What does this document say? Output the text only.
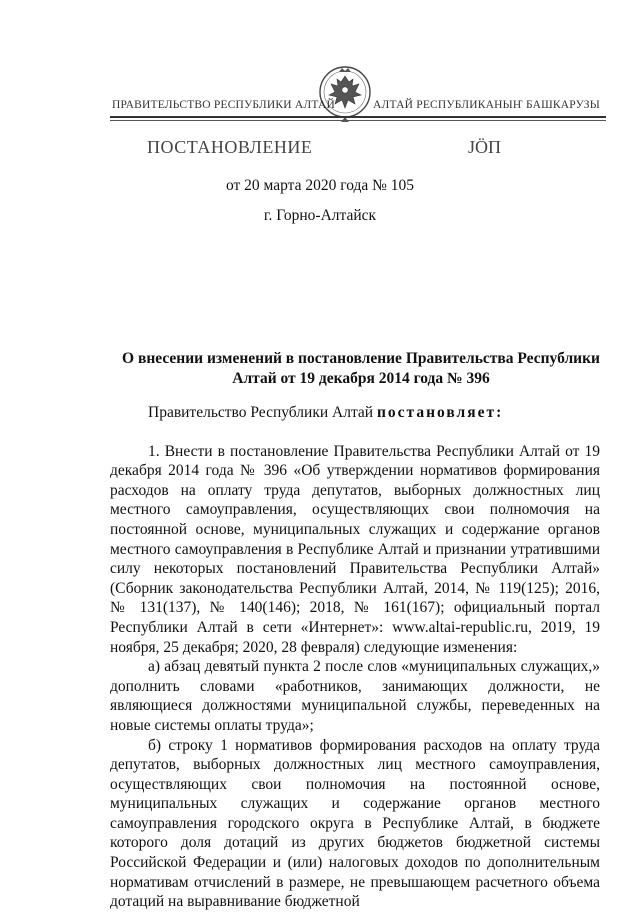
ПРАВИТЕЛЬСТВО РЕСПУБЛИКИ АЛТАЙ	АЛТАЙ РЕСПУБЛИКАНЫҤ БАШКАРУЗЫ
ПОСТАНОВЛЕНИЕ	ЈӦП
от 20 марта 2020 года № 105
г. Горно-Алтайск
О внесении изменений в постановление Правительства Республики Алтай от 19 декабря 2014 года № 396

Правительство Республики Алтай постановляет:

1. Внести в постановление Правительства Республики Алтай от 19 декабря 2014 года № 396 «Об утверждении нормативов формирования расходов на оплату труда депутатов, выборных должностных лиц местного самоуправления, осуществляющих свои полномочия на постоянной основе, муниципальных служащих и содержание органов местного самоуправления в Республике Алтай и признании утратившими силу некоторых постановлений Правительства Республики Алтай» (Сборник законодательства Республики Алтай, 2014, № 119(125); 2016, № 131(137), № 140(146); 2018, № 161(167); официальный портал Республики Алтай в сети «Интернет»: www.altai-republic.ru, 2019, 19 ноября, 25 декабря; 2020, 28 февраля) следующие изменения:

а) абзац девятый пункта 2 после слов «муниципальных служащих,» дополнить словами «работников, занимающих должности, не являющиеся должностями муниципальной службы, переведенных на новые системы оплаты труда»;

б) строку 1 нормативов формирования расходов на оплату труда депутатов, выборных должностных лиц местного самоуправления, осуществляющих свои полномочия на постоянной основе, муниципальных служащих и содержание органов местного самоуправления городского округа в Республике Алтай, в бюджете которого доля дотаций из других бюджетов бюджетной системы Российской Федерации и (или) налоговых доходов по дополнительным нормативам отчислений в размере, не превышающем расчетного объема дотаций на выравнивание бюджетной
